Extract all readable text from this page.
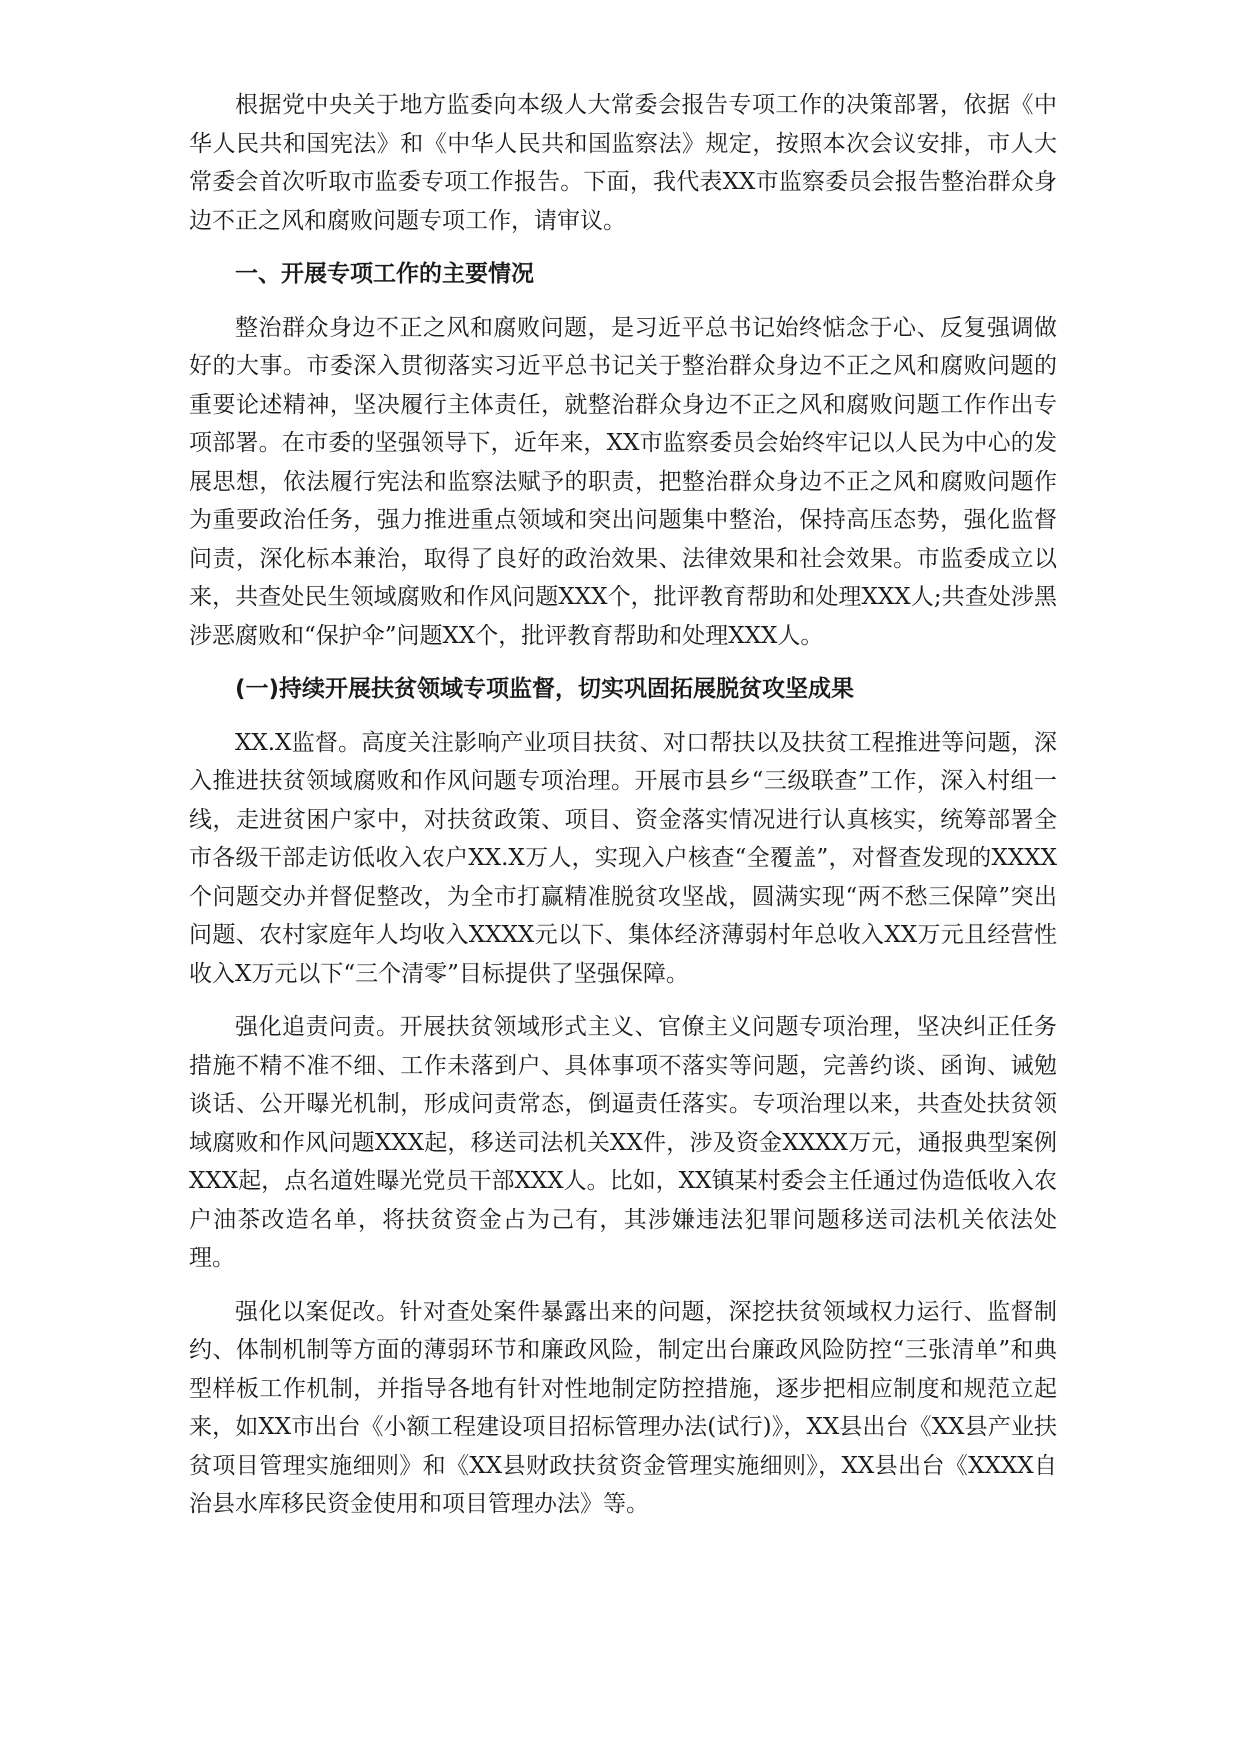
根据党中央关于地方监委向本级人大常委会报告专项工作的决策部署，依据《中华人民共和国宪法》和《中华人民共和国监察法》规定，按照本次会议安排，市人大常委会首次听取市监委专项工作报告。下面，我代表XX市监察委员会报告整治群众身边不正之风和腐败问题专项工作，请审议。

一、开展专项工作的主要情况

整治群众身边不正之风和腐败问题，是习近平总书记始终惦念于心、反复强调做好的大事。市委深入贯彻落实习近平总书记关于整治群众身边不正之风和腐败问题的重要论述精神，坚决履行主体责任，就整治群众身边不正之风和腐败问题工作作出专项部署。在市委的坚强领导下，近年来，XX市监察委员会始终牢记以人民为中心的发展思想，依法履行宪法和监察法赋予的职责，把整治群众身边不正之风和腐败问题作为重要政治任务，强力推进重点领域和突出问题集中整治，保持高压态势，强化监督问责，深化标本兼治，取得了良好的政治效果、法律效果和社会效果。市监委成立以来，共查处民生领域腐败和作风问题XXX个，批评教育帮助和处理XXX人;共查处涉黑涉恶腐败和“保护伞”问题XX个，批评教育帮助和处理XXX人。

(一)持续开展扶贫领域专项监督，切实巩固拓展脱贫攻坚成果

XX.X监督。高度关注影响产业项目扶贫、对口帮扶以及扶贫工程推进等问题，深入推进扶贫领域腐败和作风问题专项治理。开展市县乡“三级联查”工作，深入村组一线，走进贫困户家中，对扶贫政策、项目、资金落实情况进行认真核实，统筹部署全市各级干部走访低收入农户XX.X万人，实现入户核查“全覆盖”，对督查发现的XXXX个问题交办并督促整改，为全市打赢精准脱贫攻坚战，圆满实现“两不愁三保障”突出问题、农村家庭年人均收入XXXX元以下、集体经济薄弱村年总收入XX万元且经营性收入X万元以下“三个清零”目标提供了坚强保障。

强化追责问责。开展扶贫领域形式主义、官僚主义问题专项治理，坚决纠正任务措施不精不准不细、工作未落到户、具体事项不落实等问题，完善约谈、函询、诫勉谈话、公开曝光机制，形成问责常态，倒逼责任落实。专项治理以来，共查处扶贫领域腐败和作风问题XXX起，移送司法机关XX件，涉及资金XXXX万元，通报典型案例XXX起，点名道姓曝光党员干部XXX人。比如，XX镇某村委会主任通过伪造低收入农户油茶改造名单，将扶贫资金占为己有，其涉嫌违法犯罪问题移送司法机关依法处理。

强化以案促改。针对查处案件暴露出来的问题，深挖扶贫领域权力运行、监督制约、体制机制等方面的薄弱环节和廉政风险，制定出台廉政风险防控“三张清单”和典型样板工作机制，并指导各地有针对性地制定防控措施，逐步把相应制度和规范立起来，如XX市出台《小额工程建设项目招标管理办法(试行)》，XX县出台《XX县产业扶贫项目管理实施细则》和《XX县财政扶贫资金管理实施细则》，XX县出台《XXXX自治县水库移民资金使用和项目管理办法》等。
